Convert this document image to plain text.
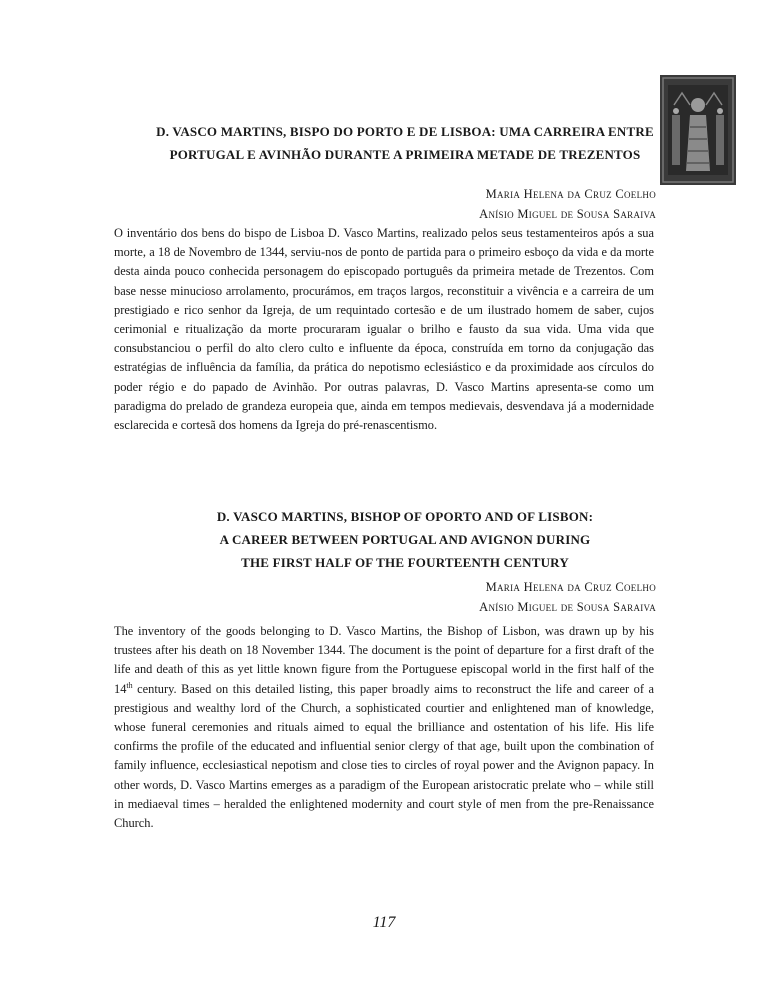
D. VASCO MARTINS, BISPO DO PORTO E DE LISBOA: UMA CARREIRA ENTRE
PORTUGAL E AVINHÃO DURANTE A PRIMEIRA METADE DE TREZENTOS
Maria Helena da Cruz Coelho
Anísio Miguel de Sousa Saraiva

O inventário dos bens do bispo de Lisboa D. Vasco Martins, realizado pelos seus testamenteiros após a sua morte, a 18 de Novembro de 1344, serviu-nos de ponto de partida para o primeiro esboço da vida e da morte desta ainda pouco conhecida personagem do episcopado português da primeira metade de Trezentos. Com base nesse minucioso arrolamento, procurámos, em traços largos, reconstituir a vivência e a carreira de um prestigiado e rico senhor da Igreja, de um requintado cortesão e de um ilustrado homem de saber, cujos cerimonial e ritualização da morte procuraram igualar o brilho e fausto da sua vida. Uma vida que consubstanciou o perfil do alto clero culto e influente da época, construída em torno da conjugação das estratégias de influência da família, da prática do nepotismo eclesiástico e da proximidade aos círculos do poder régio e do papado de Avinhão. Por outras palavras, D. Vasco Martins apresenta-se como um paradigma do prelado de grandeza europeia que, ainda em tempos medievais, desvendava já a modernidade esclarecida e cortesã dos homens da Igreja do pré-renascentismo.

D. VASCO MARTINS, BISHOP OF OPORTO AND OF LISBON:
A CAREER BETWEEN PORTUGAL AND AVIGNON DURING
THE FIRST HALF OF THE FOURTEENTH CENTURY
Maria Helena da Cruz Coelho
Anísio Miguel de Sousa Saraiva

The inventory of the goods belonging to D. Vasco Martins, the Bishop of Lisbon, was drawn up by his trustees after his death on 18 November 1344. The document is the point of departure for a first draft of the life and death of this as yet little known figure from the Portuguese episcopal world in the first half of the 14th century. Based on this detailed listing, this paper broadly aims to reconstruct the life and career of a prestigious and wealthy lord of the Church, a sophisticated courtier and enlightened man of knowledge, whose funeral ceremonies and rituals aimed to equal the brilliance and ostentation of his life. His life confirms the profile of the educated and influential senior clergy of that age, built upon the combination of family influence, ecclesiastical nepotism and close ties to circles of royal power and the Avignon papacy. In other words, D. Vasco Martins emerges as a paradigm of the European aristocratic prelate who – while still in mediaeval times – heralded the enlightened modernity and court style of men from the pre-Renaissance Church.

117
